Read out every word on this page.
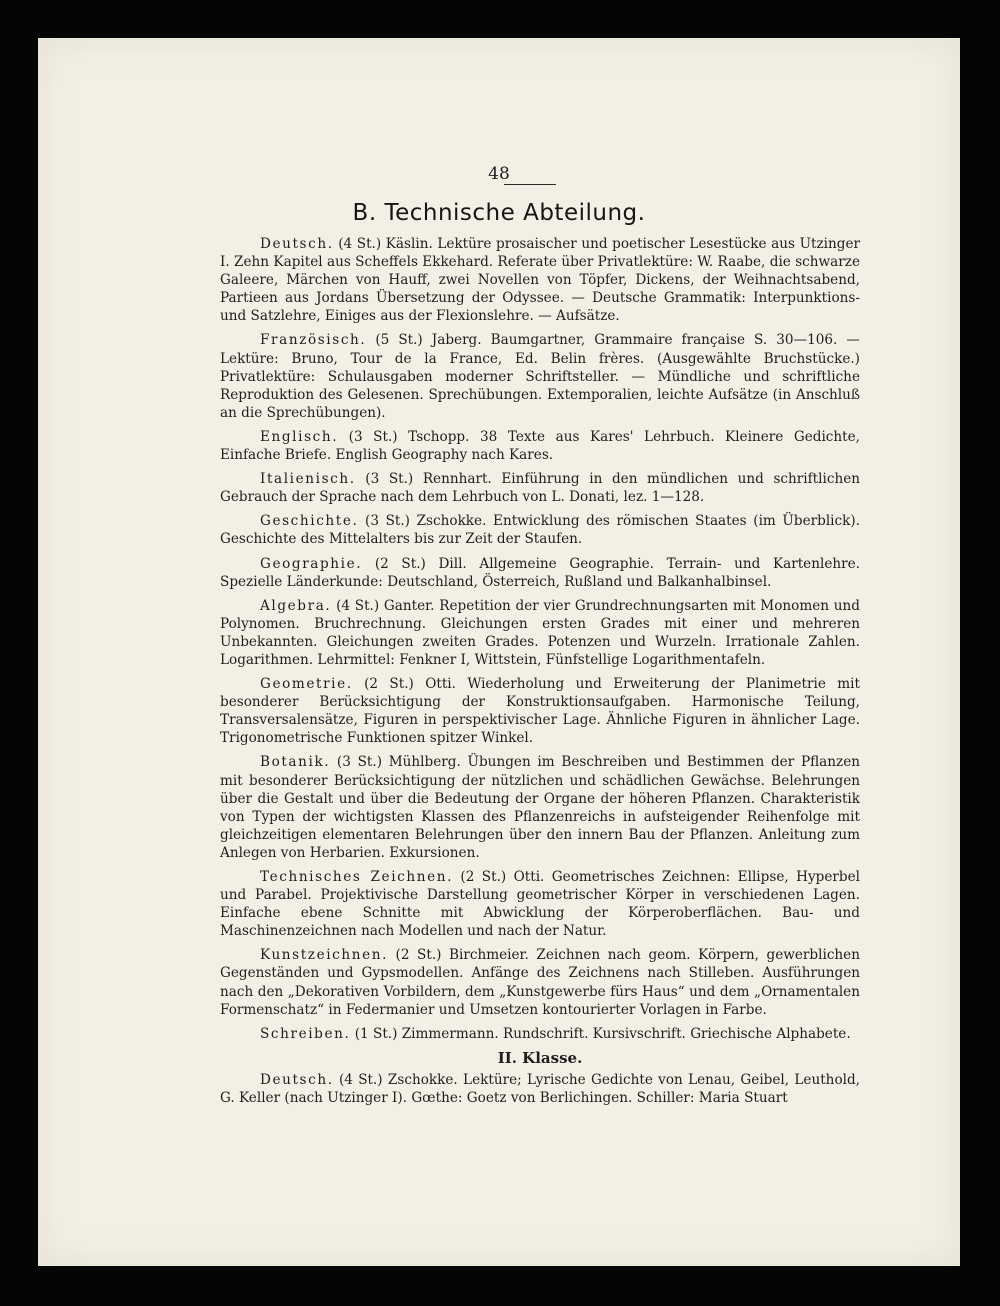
48
B. Technische Abteilung.

Deutsch. (4 St.) Käslin. Lektüre prosaischer und poetischer Lesestücke aus Utzinger I. Zehn Kapitel aus Scheffels Ekkehard. Referate über Privatlektüre: W. Raabe, die schwarze Galeere, Märchen von Hauff, zwei Novellen von Töpfer, Dickens, der Weihnachtsabend, Partieen aus Jordans Übersetzung der Odyssee. — Deutsche Grammatik: Interpunktions- und Satzlehre, Einiges aus der Flexionslehre. — Aufsätze.

Französisch. (5 St.) Jaberg. Baumgartner, Grammaire française S. 30—106. — Lektüre: Bruno, Tour de la France, Ed. Belin frères. (Ausgewählte Bruchstücke.) Privatlektüre: Schulausgaben moderner Schriftsteller. — Mündliche und schriftliche Reproduktion des Gelesenen. Sprechübungen. Extemporalien, leichte Aufsätze (in Anschluß an die Sprechübungen).

Englisch. (3 St.) Tschopp. 38 Texte aus Kares' Lehrbuch. Kleinere Gedichte, Einfache Briefe. English Geography nach Kares.

Italienisch. (3 St.) Rennhart. Einführung in den mündlichen und schriftlichen Gebrauch der Sprache nach dem Lehrbuch von L. Donati, lez. 1—128.

Geschichte. (3 St.) Zschokke. Entwicklung des römischen Staates (im Überblick). Geschichte des Mittelalters bis zur Zeit der Staufen.

Geographie. (2 St.) Dill. Allgemeine Geographie. Terrain- und Kartenlehre. Spezielle Länderkunde: Deutschland, Österreich, Rußland und Balkanhalbinsel.

Algebra. (4 St.) Ganter. Repetition der vier Grundrechnungsarten mit Monomen und Polynomen. Bruchrechnung. Gleichungen ersten Grades mit einer und mehreren Unbekannten. Gleichungen zweiten Grades. Potenzen und Wurzeln. Irrationale Zahlen. Logarithmen. Lehrmittel: Fenkner I, Wittstein, Fünfstellige Logarithmentafeln.

Geometrie. (2 St.) Otti. Wiederholung und Erweiterung der Planimetrie mit besonderer Berücksichtigung der Konstruktionsaufgaben. Harmonische Teilung, Transversalensätze, Figuren in perspektivischer Lage. Ähnliche Figuren in ähnlicher Lage. Trigonometrische Funktionen spitzer Winkel.

Botanik. (3 St.) Mühlberg. Übungen im Beschreiben und Bestimmen der Pflanzen mit besonderer Berücksichtigung der nützlichen und schädlichen Gewächse. Belehrungen über die Gestalt und über die Bedeutung der Organe der höheren Pflanzen. Charakteristik von Typen der wichtigsten Klassen des Pflanzenreichs in aufsteigender Reihenfolge mit gleichzeitigen elementaren Belehrungen über den innern Bau der Pflanzen. Anleitung zum Anlegen von Herbarien. Exkursionen.

Technisches Zeichnen. (2 St.) Otti. Geometrisches Zeichnen: Ellipse, Hyperbel und Parabel. Projektivische Darstellung geometrischer Körper in verschiedenen Lagen. Einfache ebene Schnitte mit Abwicklung der Körperoberflächen. Bau- und Maschinenzeichnen nach Modellen und nach der Natur.

Kunstzeichnen. (2 St.) Birchmeier. Zeichnen nach geom. Körpern, gewerblichen Gegenständen und Gypsmodellen. Anfänge des Zeichnens nach Stilleben. Ausführungen nach den „Dekorativen Vorbildern, dem „Kunstgewerbe fürs Haus“ und dem „Ornamentalen Formenschatz“ in Federmanier und Umsetzen kontourierter Vorlagen in Farbe.

Schreiben. (1 St.) Zimmermann. Rundschrift. Kursivschrift. Griechische Alphabete.

II. Klasse.

Deutsch. (4 St.) Zschokke. Lektüre; Lyrische Gedichte von Lenau, Geibel, Leuthold, G. Keller (nach Utzinger I). Gœthe: Goetz von Berlichingen. Schiller: Maria Stuart
